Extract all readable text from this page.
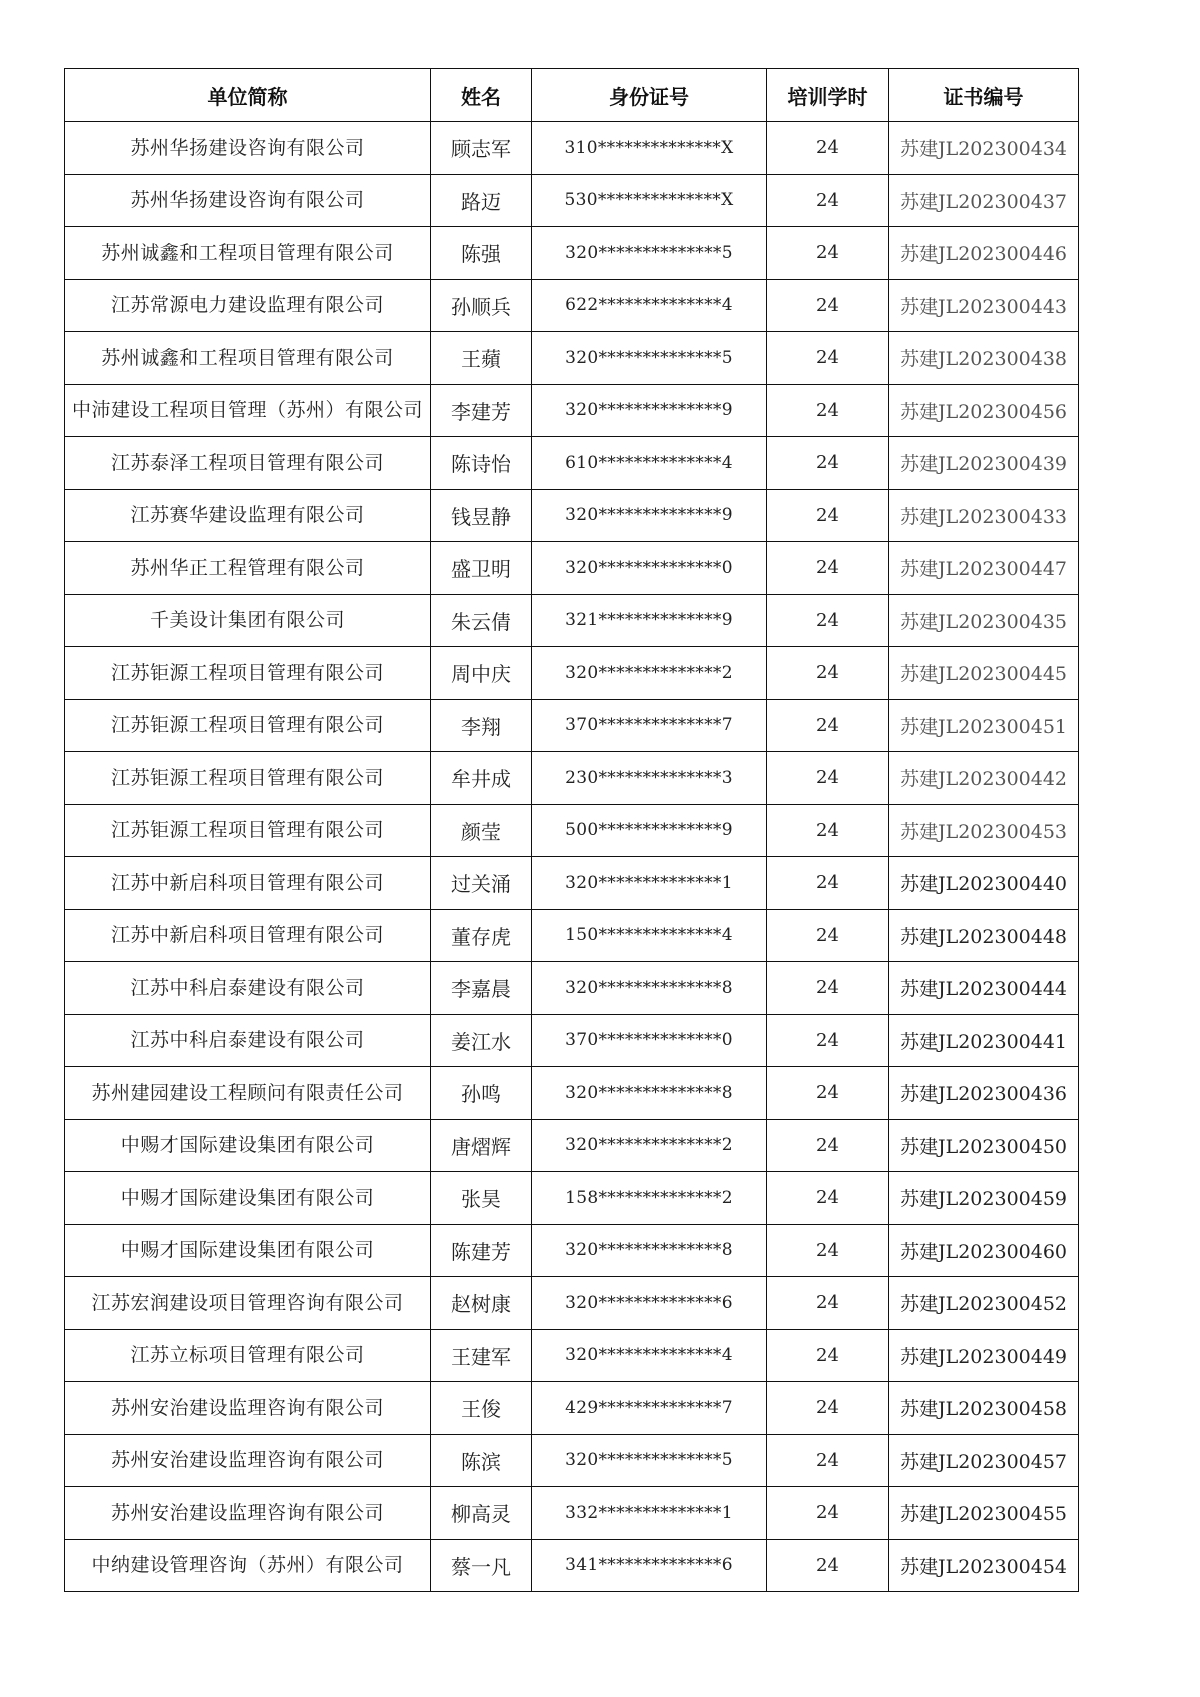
单位简称	姓名	身份证号	培训学时	证书编号
苏州华扬建设咨询有限公司	顾志军	310**************X	24	苏建JL202300434
苏州华扬建设咨询有限公司	路迈	530**************X	24	苏建JL202300437
苏州诚鑫和工程项目管理有限公司	陈强	320**************5	24	苏建JL202300446
江苏常源电力建设监理有限公司	孙顺兵	622**************4	24	苏建JL202300443
苏州诚鑫和工程项目管理有限公司	王蘋	320**************5	24	苏建JL202300438
中沛建设工程项目管理（苏州）有限公司	李建芳	320**************9	24	苏建JL202300456
江苏泰泽工程项目管理有限公司	陈诗怡	610**************4	24	苏建JL202300439
江苏赛华建设监理有限公司	钱昱静	320**************9	24	苏建JL202300433
苏州华正工程管理有限公司	盛卫明	320**************0	24	苏建JL202300447
千美设计集团有限公司	朱云倩	321**************9	24	苏建JL202300435
江苏钜源工程项目管理有限公司	周中庆	320**************2	24	苏建JL202300445
江苏钜源工程项目管理有限公司	李翔	370**************7	24	苏建JL202300451
江苏钜源工程项目管理有限公司	牟井成	230**************3	24	苏建JL202300442
江苏钜源工程项目管理有限公司	颜莹	500**************9	24	苏建JL202300453
江苏中新启科项目管理有限公司	过关涌	320**************1	24	苏建JL202300440
江苏中新启科项目管理有限公司	董存虎	150**************4	24	苏建JL202300448
江苏中科启泰建设有限公司	李嘉晨	320**************8	24	苏建JL202300444
江苏中科启泰建设有限公司	姜江水	370**************0	24	苏建JL202300441
苏州建园建设工程顾问有限责任公司	孙鸣	320**************8	24	苏建JL202300436
中赐才国际建设集团有限公司	唐熠辉	320**************2	24	苏建JL202300450
中赐才国际建设集团有限公司	张昊	158**************2	24	苏建JL202300459
中赐才国际建设集团有限公司	陈建芳	320**************8	24	苏建JL202300460
江苏宏润建设项目管理咨询有限公司	赵树康	320**************6	24	苏建JL202300452
江苏立标项目管理有限公司	王建军	320**************4	24	苏建JL202300449
苏州安治建设监理咨询有限公司	王俊	429**************7	24	苏建JL202300458
苏州安治建设监理咨询有限公司	陈滨	320**************5	24	苏建JL202300457
苏州安治建设监理咨询有限公司	柳高灵	332**************1	24	苏建JL202300455
中纳建设管理咨询（苏州）有限公司	蔡一凡	341**************6	24	苏建JL202300454
